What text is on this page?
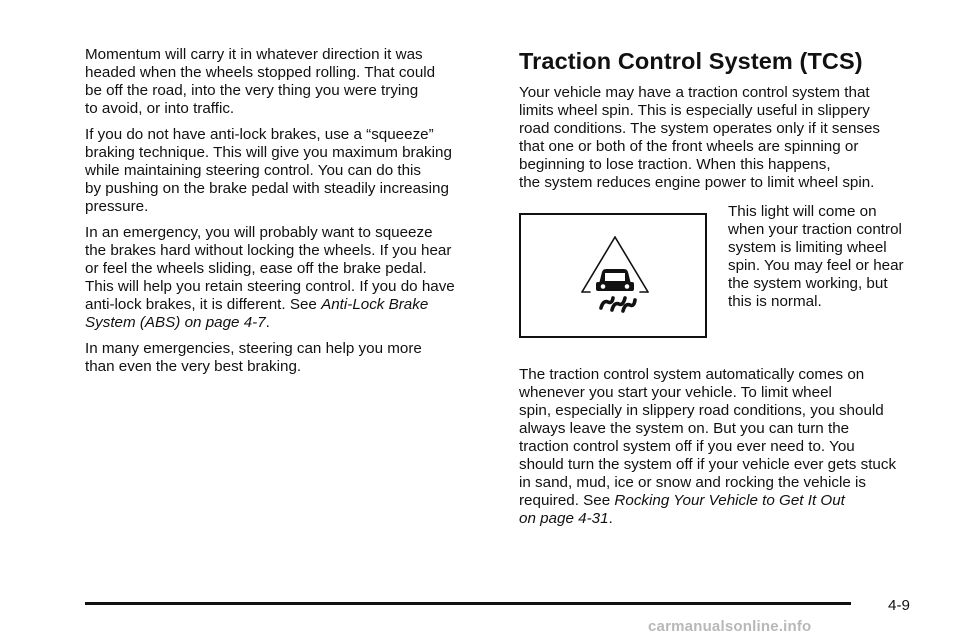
Momentum will carry it in whatever direction it was
headed when the wheels stopped rolling. That could
be off the road, into the very thing you were trying
to avoid, or into traffic.

If you do not have anti-lock brakes, use a “squeeze”
braking technique. This will give you maximum braking
while maintaining steering control. You can do this
by pushing on the brake pedal with steadily increasing
pressure.

In an emergency, you will probably want to squeeze
the brakes hard without locking the wheels. If you hear
or feel the wheels sliding, ease off the brake pedal.
This will help you retain steering control. If you do have
anti-lock brakes, it is different. See Anti-Lock Brake
System (ABS) on page 4-7.

In many emergencies, steering can help you more
than even the very best braking.

Traction Control System (TCS)

Your vehicle may have a traction control system that
limits wheel spin. This is especially useful in slippery
road conditions. The system operates only if it senses
that one or both of the front wheels are spinning or
beginning to lose traction. When this happens,
the system reduces engine power to limit wheel spin.

This light will come on
when your traction control
system is limiting wheel
spin. You may feel or hear
the system working, but
this is normal.

The traction control system automatically comes on
whenever you start your vehicle. To limit wheel
spin, especially in slippery road conditions, you should
always leave the system on. But you can turn the
traction control system off if you ever need to. You
should turn the system off if your vehicle ever gets stuck
in sand, mud, ice or snow and rocking the vehicle is
required. See Rocking Your Vehicle to Get It Out
on page 4-31.

4-9
carmanualsonline.info
